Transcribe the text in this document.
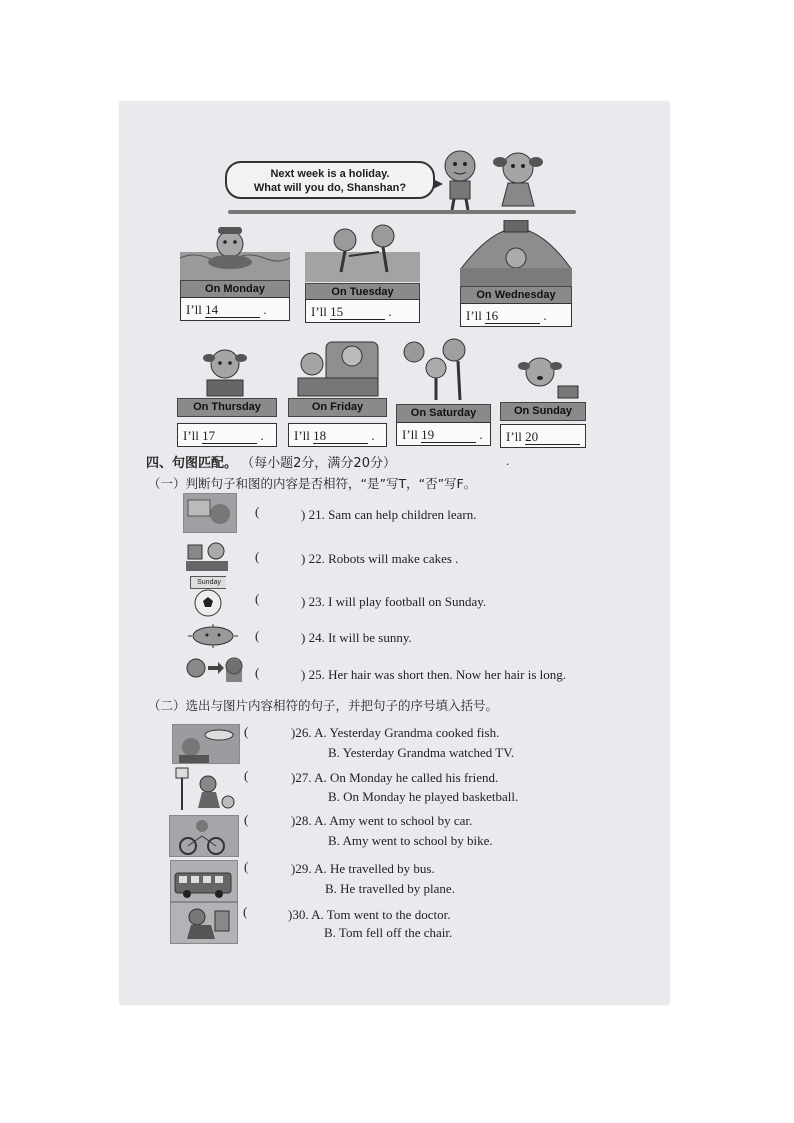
Next week is a holiday.
What will you do, Shanshan?
On Monday
I’ll 14	.
On Tuesday
I’ll 15	.
On Wednesday
I’ll 16	.
On Thursday
I’ll 17	.
On Friday
I’ll 18	.
On Saturday
I’ll 19	.
On Sunday
I’ll 20 .
四、句图匹配。 （每小题2分，满分20分）
（一）判断句子和图的内容是否相符，“是”写T，“否”写F。
(	) 21. Sam can help children learn.
(	) 22. Robots will make cakes .
Sunday
(	) 23. I will play football on Sunday.
(	) 24. It will be sunny.
(	) 25. Her hair was short then. Now her hair is long.
（二）选出与图片内容相符的句子，并把句子的序号填入括号。
(	)26. A. Yesterday Grandma cooked fish.
B. Yesterday Grandma watched TV.
(	)27. A. On Monday he called his friend.
B. On Monday he played basketball.
(	)28. A. Amy went to school by car.
B. Amy went to school by bike.
(	)29. A. He travelled by bus.
B. He travelled by plane.
(	)30. A. Tom went to the doctor.
B. Tom fell off the chair.
